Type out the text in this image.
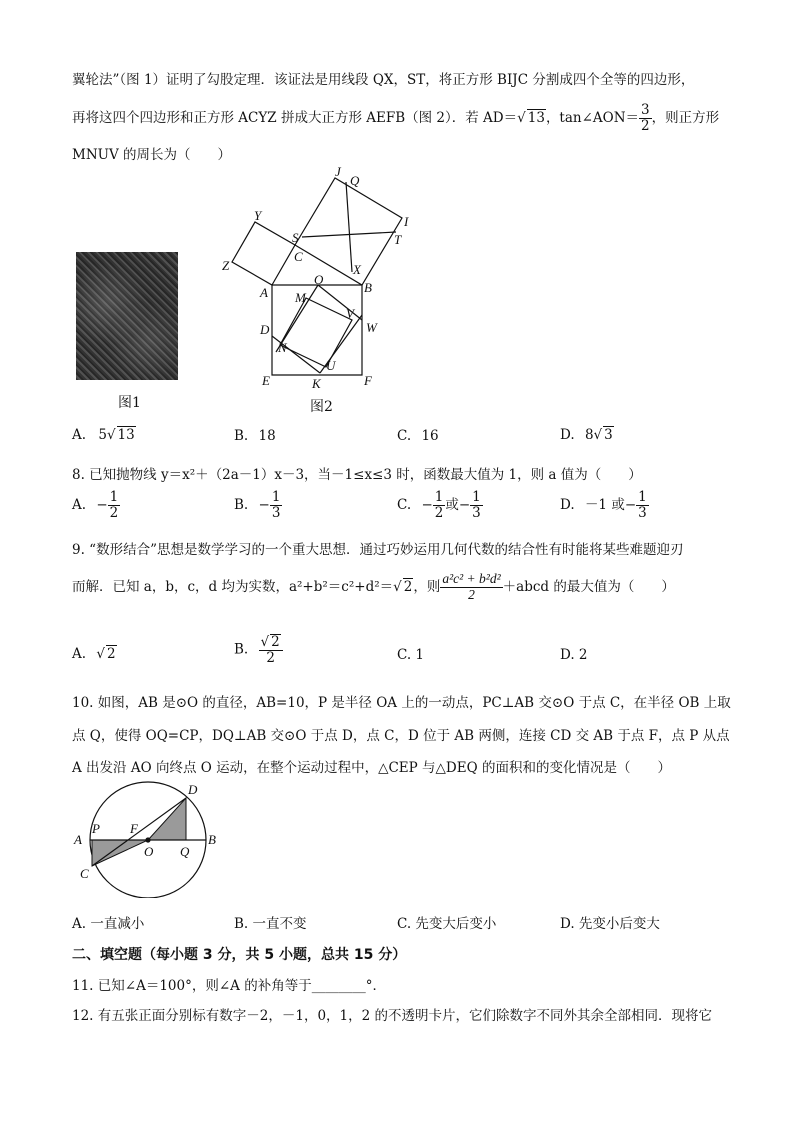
翼轮法”（图 1）证明了勾股定理．该证法是用线段 QX，ST，将正方形 BIJC 分割成四个全等的四边形，
再将这四个四边形和正方形 ACYZ 拼成大正方形 AEFB（图 2）．若 AD＝√ 13，tan∠AON＝ $\frac{3}{2}$ ，则正方形
MNUV 的周长为（　　）
图1
J
Q
I
Y
S	T
C
X
Z
A
O
B
M
V
D	W
N
U
E	K	F
图2
A. 5√ 13	B. 18	C. 16	D. 8√ 3
8. 已知抛物线 y＝x²＋（2a－1）x－3，当－1≤x≤3 时，函数最大值为 1，则 a 值为（　　）
A. − $\frac{1}{2}$	B. − $\frac{1}{3}$	C. − $\frac{1}{2}$ 或− $\frac{1}{3}$	D. －1 或− $\frac{1}{3}$
9. “数形结合”思想是数学学习的一个重大思想．通过巧妙运用几何代数的结合性有时能将某些难题迎刃
而解．已知 a，b，c，d 均为实数，a²+b²＝c²+d²＝√ 2，则 $\frac{\text{a²c² + b²d²}}{2}$ ＋abcd 的最大值为（　　）
A. √ 2	B. $\frac{√ 2}{2}$	C. 1	D. 2
10. 如图，AB 是⊙O 的直径，AB=10，P 是半径 OA 上的一动点，PC⊥AB 交⊙O 于点 C，在半径 OB 上取
点 Q，使得 OQ=CP，DQ⊥AB 交⊙O 于点 D，点 C，D 位于 AB 两侧，连接 CD 交 AB 于点 F，点 P 从点
A 出发沿 AO 向终点 O 运动，在整个运动过程中，△CEP 与△DEQ 的面积和的变化情况是（　　）
A
P F
O Q
B
C
D
A. 一直减小	B. 一直不变	C. 先变大后变小	D. 先变小后变大
二、填空题（每小题 3 分，共 5 小题，总共 15 分）
11. 已知∠A＝100°，则∠A 的补角等于________°．
12. 有五张正面分别标有数字－2，－1，0，1，2 的不透明卡片，它们除数字不同外其余全部相同．现将它
